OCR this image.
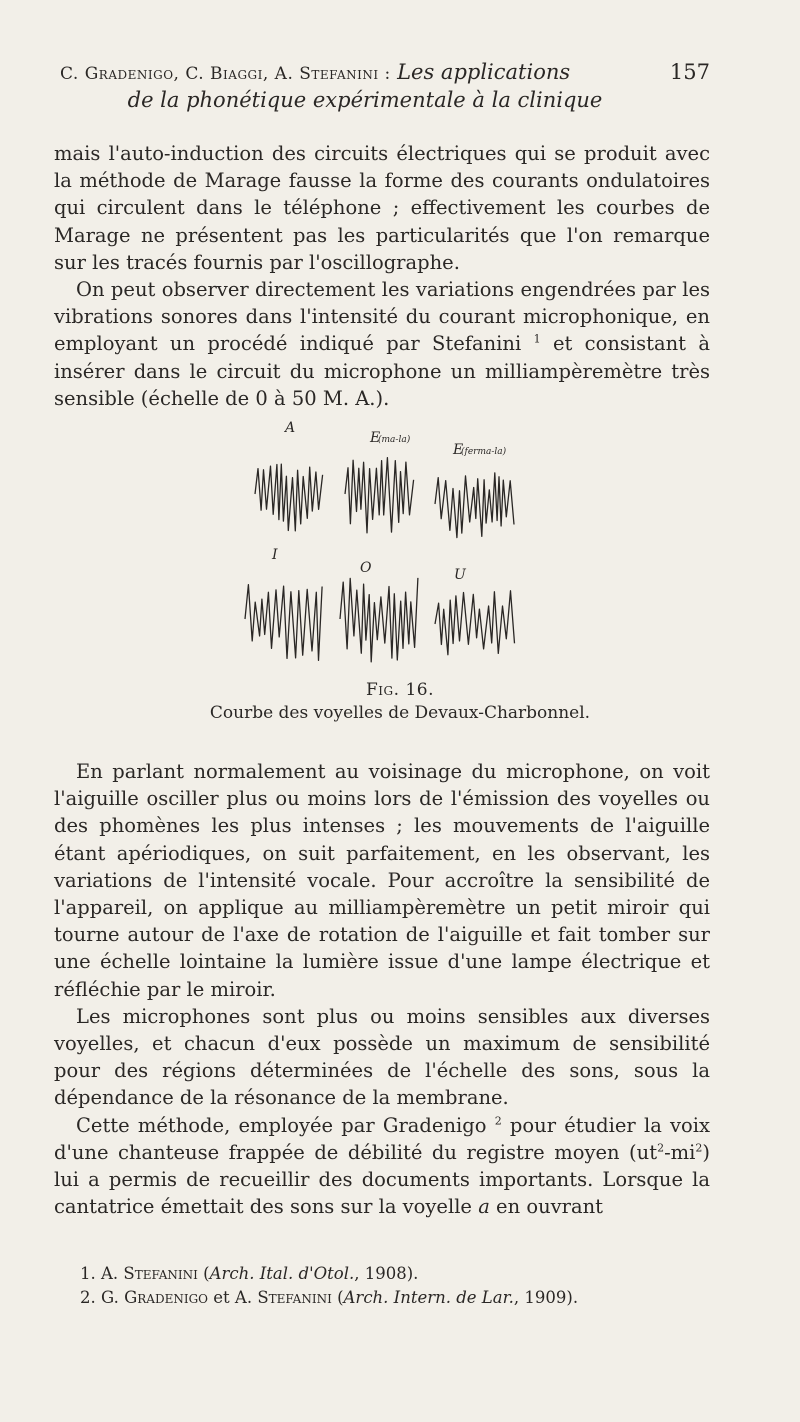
C. Gradenigo, C. Biaggi, A. Stefanini : Les applications	157
de la phonétique expérimentale à la clinique

mais l'auto-induction des circuits électriques qui se produit avec la méthode de Marage fausse la forme des courants ondulatoires qui circulent dans le téléphone ; effectivement les courbes de Marage ne présentent pas les particularités que l'on remarque sur les tracés fournis par l'oscillographe.

On peut observer directement les variations engendrées par les vibrations sonores dans l'intensité du courant microphonique, en employant un procédé indiqué par Stefanini $^1$ et consistant à insérer dans le circuit du microphone un milliampèremètre très sensible (échelle de 0 à 50 M. A.).

A
E
(ma-la)
E
(ferma-la)
I
O	U
Fig. 16.
Courbe des voyelles de Devaux-Charbonnel.

En parlant normalement au voisinage du microphone, on voit l'aiguille osciller plus ou moins lors de l'émission des voyelles ou des phomènes les plus intenses ; les mouvements de l'aiguille étant apériodiques, on suit parfaitement, en les observant, les variations de l'intensité vocale. Pour accroître la sensibilité de l'appareil, on applique au milliampèremètre un petit miroir qui tourne autour de l'axe de rotation de l'aiguille et fait tomber sur une échelle lointaine la lumière issue d'une lampe électrique et réfléchie par le miroir.

Les microphones sont plus ou moins sensibles aux diverses voyelles, et chacun d'eux possède un maximum de sensibilité pour des régions déterminées de l'échelle des sons, sous la dépendance de la résonance de la membrane.

Cette méthode, employée par Gradenigo $^2$ pour étudier la voix d'une chanteuse frappée de débilité du registre moyen $(ut^2-mi^2)$ lui a permis de recueillir des documents importants. Lorsque la cantatrice émettait des sons sur la voyelle a en ouvrant

1. A. Stefanini (Arch. Ital. d'Otol., 1908).

2. G. Gradenigo et A. Stefanini (Arch. Intern. de Lar., 1909).
